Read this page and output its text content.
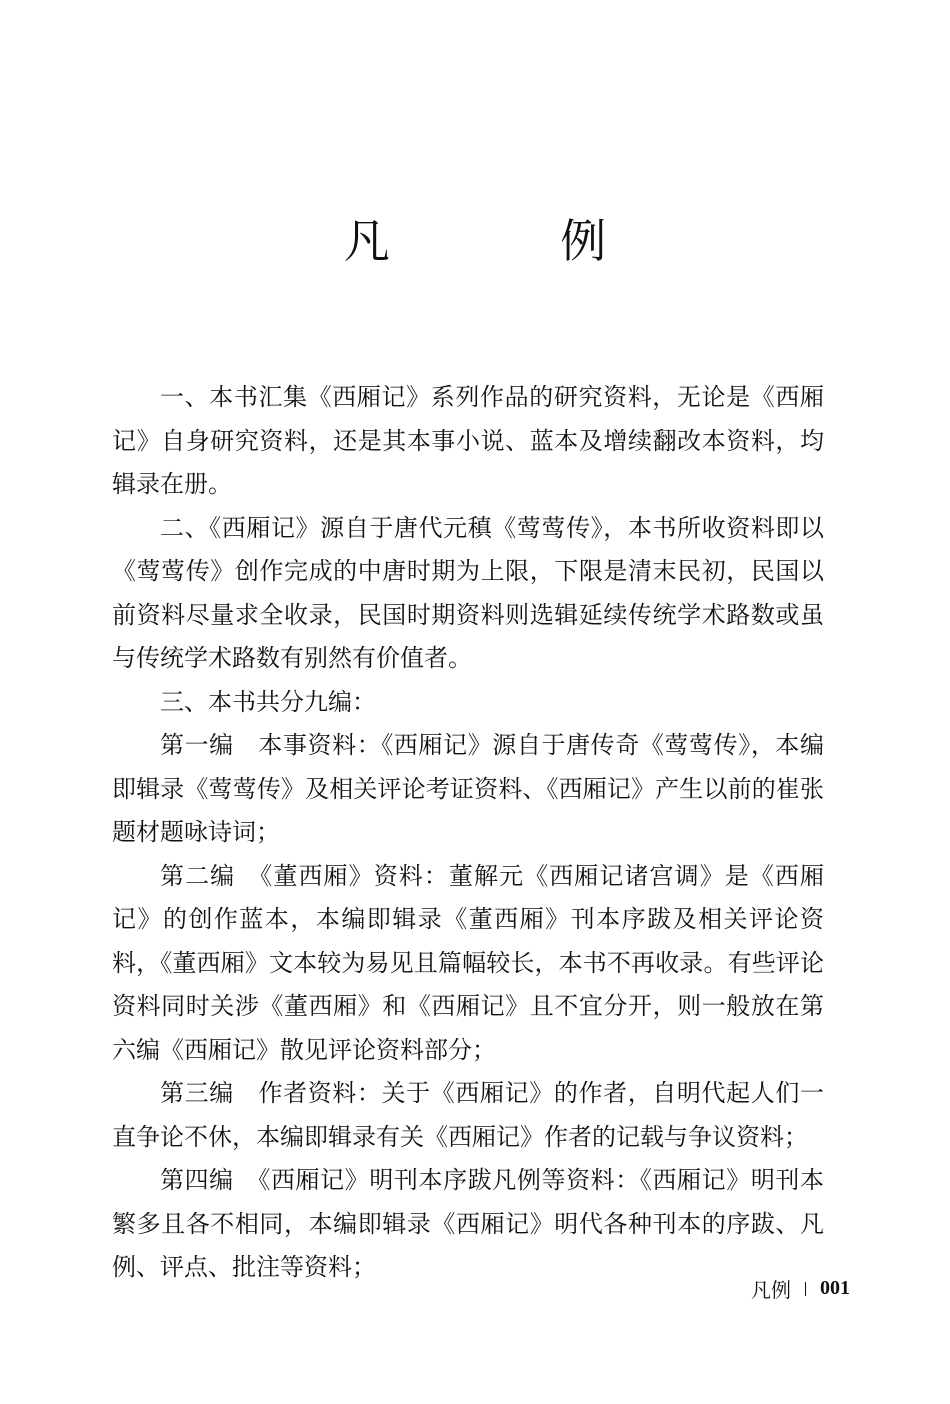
凡 例

一、本书汇集《西厢记》系列作品的研究资料，无论是《西厢记》自身研究资料，还是其本事小说、蓝本及增续翻改本资料，均辑录在册。

二、《西厢记》源自于唐代元稹《莺莺传》，本书所收资料即以《莺莺传》创作完成的中唐时期为上限，下限是清末民初，民国以前资料尽量求全收录，民国时期资料则选辑延续传统学术路数或虽与传统学术路数有别然有价值者。

三、本书共分九编：

第一编　本事资料：《西厢记》源自于唐传奇《莺莺传》，本编即辑录《莺莺传》及相关评论考证资料、《西厢记》产生以前的崔张题材题咏诗词；

第二编　《董西厢》资料：董解元《西厢记诸宫调》是《西厢记》的创作蓝本，本编即辑录《董西厢》刊本序跋及相关评论资料，《董西厢》文本较为易见且篇幅较长，本书不再收录。有些评论资料同时关涉《董西厢》和《西厢记》且不宜分开，则一般放在第六编《西厢记》散见评论资料部分；

第三编　作者资料：关于《西厢记》的作者，自明代起人们一直争论不休，本编即辑录有关《西厢记》作者的记载与争议资料；

第四编　《西厢记》明刊本序跋凡例等资料：《西厢记》明刊本繁多且各不相同，本编即辑录《西厢记》明代各种刊本的序跋、凡例、评点、批注等资料；

凡例 001
